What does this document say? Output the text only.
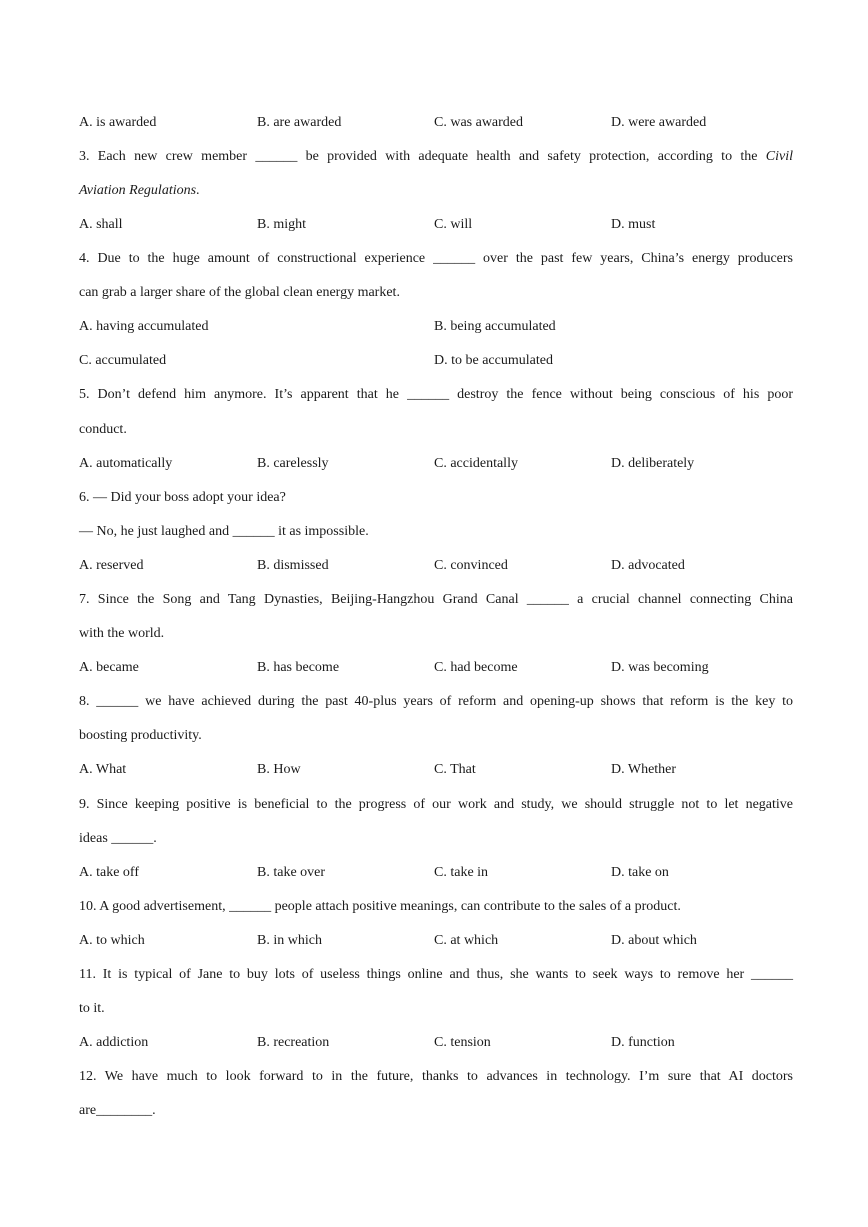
A. is awarded	B. are awarded	C. was awarded	D. were awarded
3. Each new crew member ______ be provided with adequate health and safety protection, according to the Civil
Aviation Regulations.
A. shall	B. might	C. will	D. must
4. Due to the huge amount of constructional experience ______ over the past few years, China’s energy producers
can grab a larger share of the global clean energy market.
A. having accumulated	B. being accumulated
C. accumulated	D. to be accumulated
5. Don’t defend him anymore. It’s apparent that he ______ destroy the fence without being conscious of his poor
conduct.
A. automatically	B. carelessly	C. accidentally	D. deliberately
6. — Did your boss adopt your idea?
— No, he just laughed and ______ it as impossible.
A. reserved	B. dismissed	C. convinced	D. advocated
7. Since the Song and Tang Dynasties, Beijing-Hangzhou Grand Canal ______ a crucial channel connecting China
with the world.
A. became	B. has become	C. had become	D. was becoming
8. ______ we have achieved during the past 40-plus years of reform and opening-up shows that reform is the key to
boosting productivity.
A. What	B. How	C. That	D. Whether
9. Since keeping positive is beneficial to the progress of our work and study, we should struggle not to let negative
ideas ______.
A. take off	B. take over	C. take in	D. take on
10. A good advertisement, ______ people attach positive meanings, can contribute to the sales of a product.
A. to which	B. in which	C. at which	D. about which
11. It is typical of Jane to buy lots of useless things online and thus, she wants to seek ways to remove her ______
to it.
A. addiction	B. recreation	C. tension	D. function
12. We have much to look forward to in the future, thanks to advances in technology. I’m sure that AI doctors
are________.
